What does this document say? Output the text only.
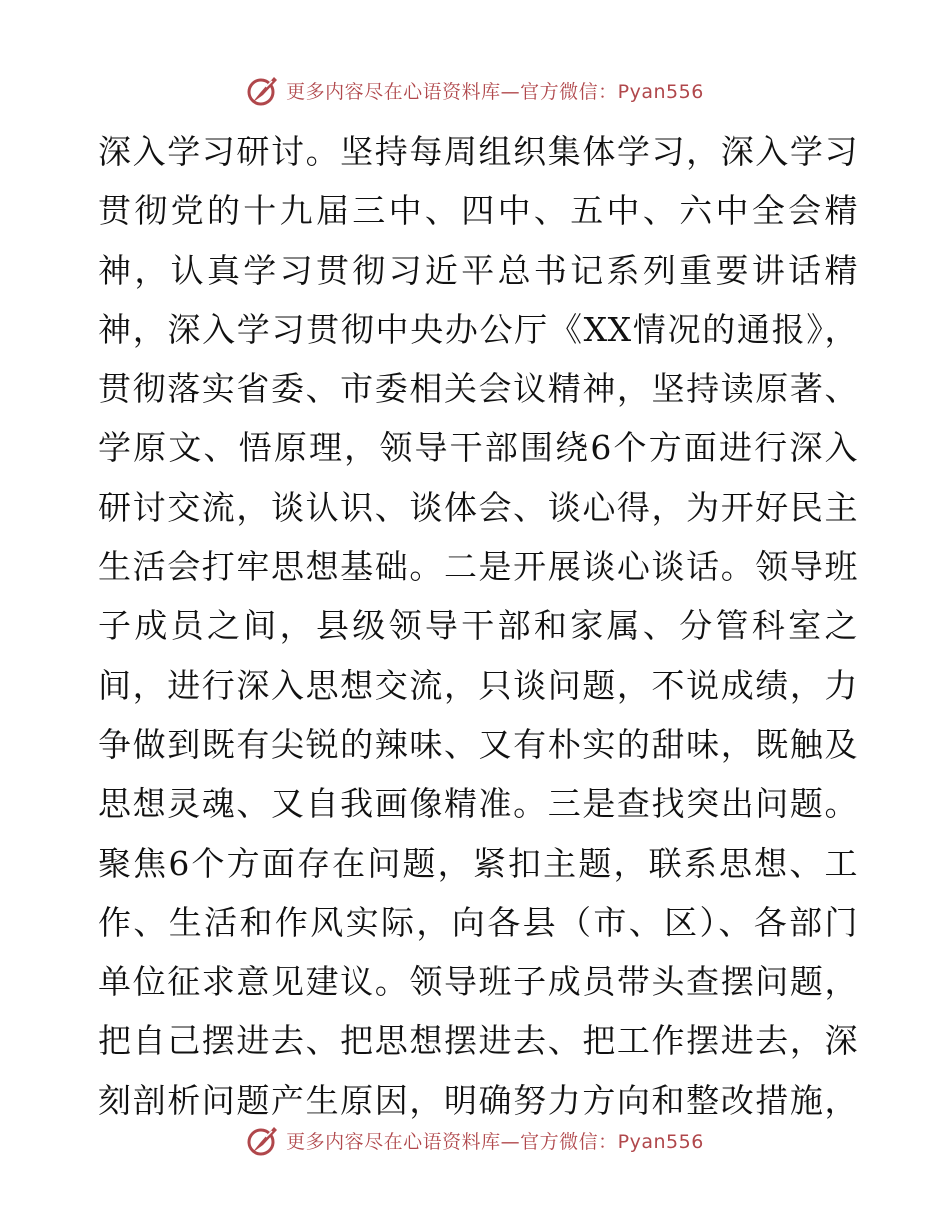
更多内容尽在心语资料库—官方微信：Pyan556
深入学习研讨。坚持每周组织集体学习，深入学习
贯彻党的十九届三中、四中、五中、六中全会精
神，认真学习贯彻习近平总书记系列重要讲话精
神，深入学习贯彻中央办公厅《XX情况的通报》，
贯彻落实省委、市委相关会议精神，坚持读原著、
学原文、悟原理，领导干部围绕6个方面进行深入
研讨交流，谈认识、谈体会、谈心得，为开好民主
生活会打牢思想基础。二是开展谈心谈话。领导班
子成员之间，县级领导干部和家属、分管科室之
间，进行深入思想交流，只谈问题，不说成绩，力
争做到既有尖锐的辣味、又有朴实的甜味，既触及
思想灵魂、又自我画像精准。三是查找突出问题。
聚焦6个方面存在问题，紧扣主题，联系思想、工
作、生活和作风实际，向各县（市、区）、各部门
单位征求意见建议。领导班子成员带头查摆问题，
把自己摆进去、把思想摆进去、把工作摆进去，深
刻剖析问题产生原因，明确努力方向和整改措施，
更多内容尽在心语资料库—官方微信：Pyan556
